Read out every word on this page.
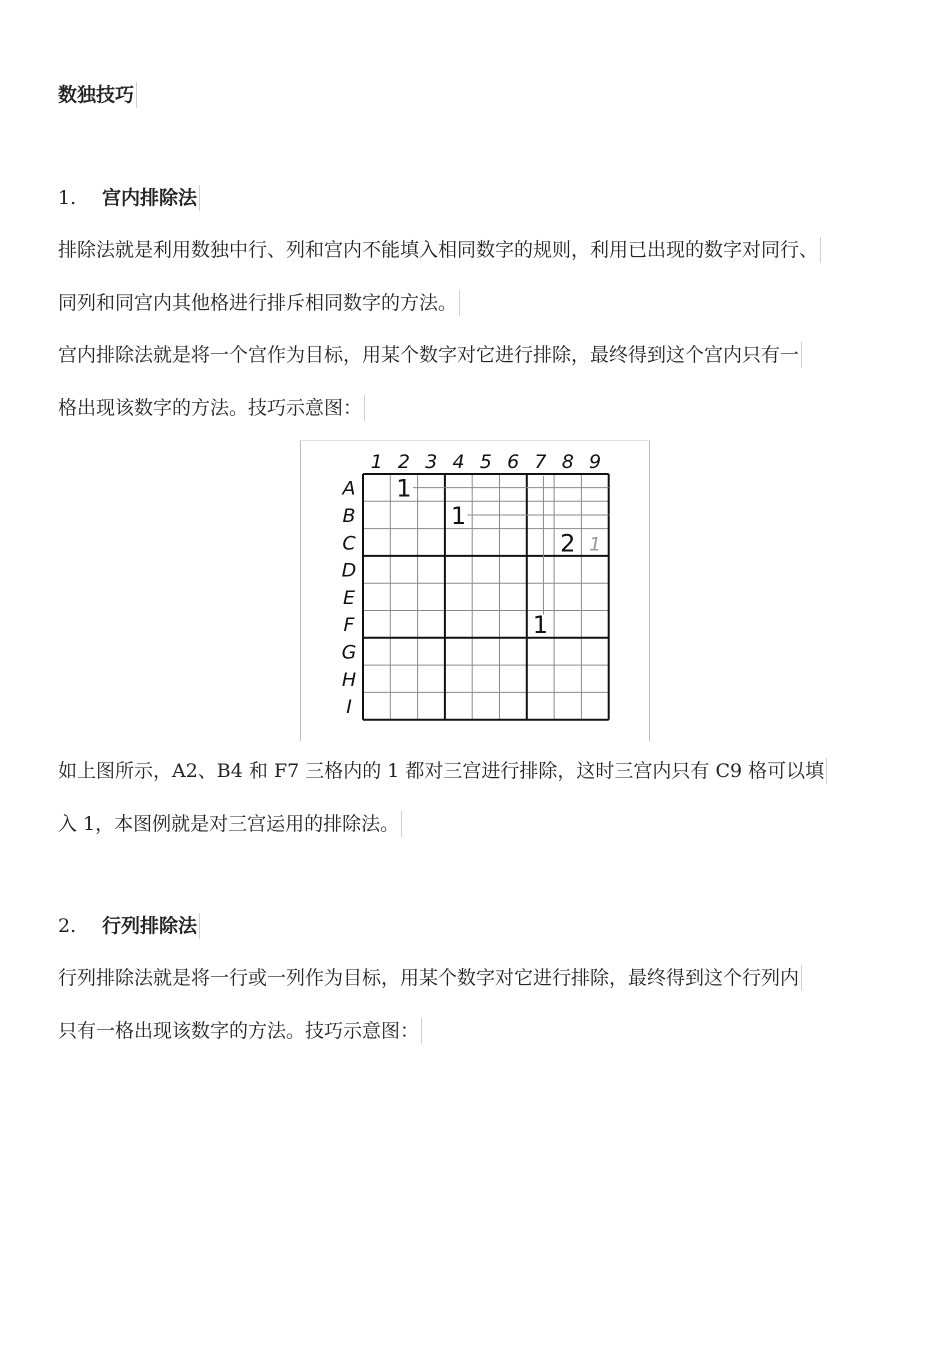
数独技巧
1. 宫内排除法
排除法就是利用数独中行、列和宫内不能填入相同数字的规则，利用已出现的数字对同行、
同列和同宫内其他格进行排斥相同数字的方法。
宫内排除法就是将一个宫作为目标，用某个数字对它进行排除，最终得到这个宫内只有一
格出现该数字的方法。技巧示意图：
1 2 3 4 5 6 7 8 9
A
B
C
D
E
F
G
H
I
1
1
2
1
1
如上图所示，A2、B4 和 F7 三格内的 1 都对三宫进行排除，这时三宫内只有 C9 格可以填
入 1，本图例就是对三宫运用的排除法。
2. 行列排除法
行列排除法就是将一行或一列作为目标，用某个数字对它进行排除，最终得到这个行列内
只有一格出现该数字的方法。技巧示意图：
